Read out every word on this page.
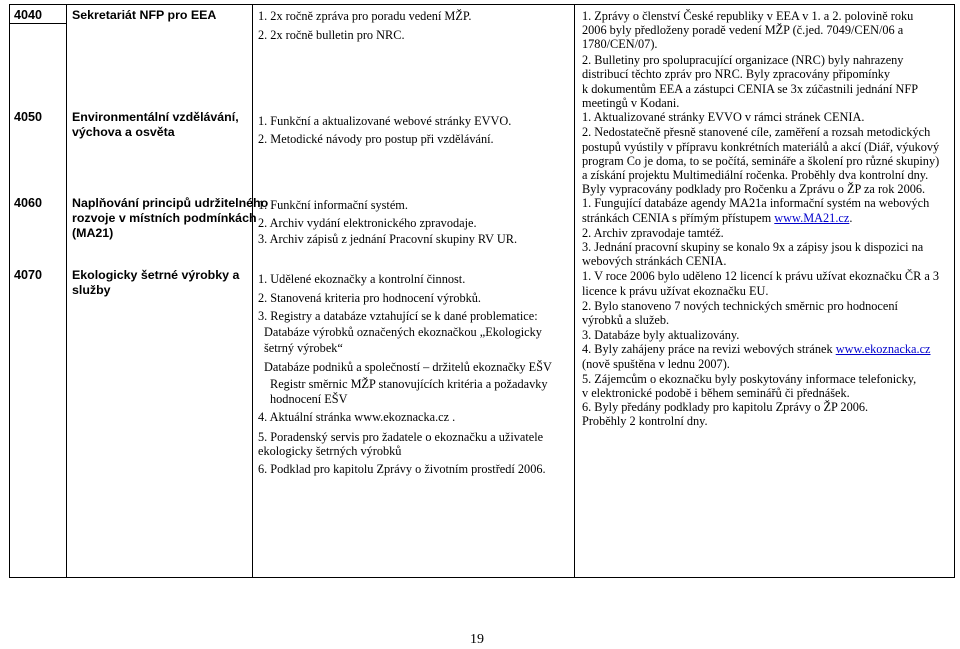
4040 Sekretariát NFP pro EEA	1. 2x ročně zpráva pro poradu vedení MŽP.
2. 2x ročně bulletin pro NRC.
1. Zprávy o členství České republiky v EEA v 1. a 2. polovině roku
2006 byly předloženy poradě vedení MŽP (č.jed. 7049/CEN/06 a
1780/CEN/07).
2. Bulletiny pro spolupracující organizace (NRC) byly nahrazeny
distribucí těchto zpráv pro NRC. Byly zpracovány připomínky
k dokumentům EEA a zástupci CENIA se 3x zúčastnili jednání NFP
meetingů v Kodani.
4050 Environmentální vzdělávání,
výchova a osvěta
1. Funkční a aktualizované webové stránky EVVO.
2. Metodické návody pro postup při vzdělávání.
1. Aktualizované stránky EVVO v rámci stránek CENIA.
2. Nedostatečně přesně stanovené cíle, zaměření a rozsah metodických
postupů vyústily v přípravu konkrétních materiálů a akcí (Diář, výukový
program Co je doma, to se počítá, semináře a školení pro různé skupiny)
a získání projektu Multimediální ročenka. Proběhly dva kontrolní dny.
Byly vypracovány podklady pro Ročenku a Zprávu o ŽP za rok 2006.
4060 Naplňování principů udržitelného
rozvoje v místních podmínkách
(MA21)
1. Funkční informační systém.
2. Archiv vydání elektronického zpravodaje.
3. Archiv zápisů z jednání Pracovní skupiny RV UR.
1. Fungující databáze agendy MA21a informační systém na webových
stránkách CENIA s přímým přístupem www.MA21.cz.
2. Archiv zpravodaje tamtéž.
3. Jednání pracovní skupiny se konalo 9x a zápisy jsou k dispozici na
webových stránkách CENIA.
4070 Ekologicky šetrné výrobky a
služby
1. Udělené ekoznačky a kontrolní činnost.
2. Stanovená kriteria pro hodnocení výrobků.
3. Registry a databáze vztahující se k dané problematice:
Databáze výrobků označených ekoznačkou „Ekologicky
šetrný výrobek“
Databáze podniků a společností – držitelů ekoznačky EŠV
Registr směrnic MŽP stanovujících kritéria a požadavky
hodnocení EŠV
4. Aktuální stránka www.ekoznacka.cz .
5. Poradenský servis pro žadatele o ekoznačku a uživatele
ekologicky šetrných výrobků
6. Podklad pro kapitolu Zprávy o životním prostředí 2006.
1. V roce 2006 bylo uděleno 12 licencí k právu užívat ekoznačku ČR a 3
licence k právu užívat ekoznačku EU.
2. Bylo stanoveno 7 nových technických směrnic pro hodnocení
výrobků a služeb.
3. Databáze byly aktualizovány.
4. Byly zahájeny práce na revizi webových stránek www.ekoznacka.cz
(nově spuštěna v lednu 2007).
5. Zájemcům o ekoznačku byly poskytovány informace telefonicky,
v elektronické podobě i během seminářů či přednášek.
6. Byly předány podklady pro kapitolu Zprávy o ŽP 2006.
Proběhly 2 kontrolní dny.
19
